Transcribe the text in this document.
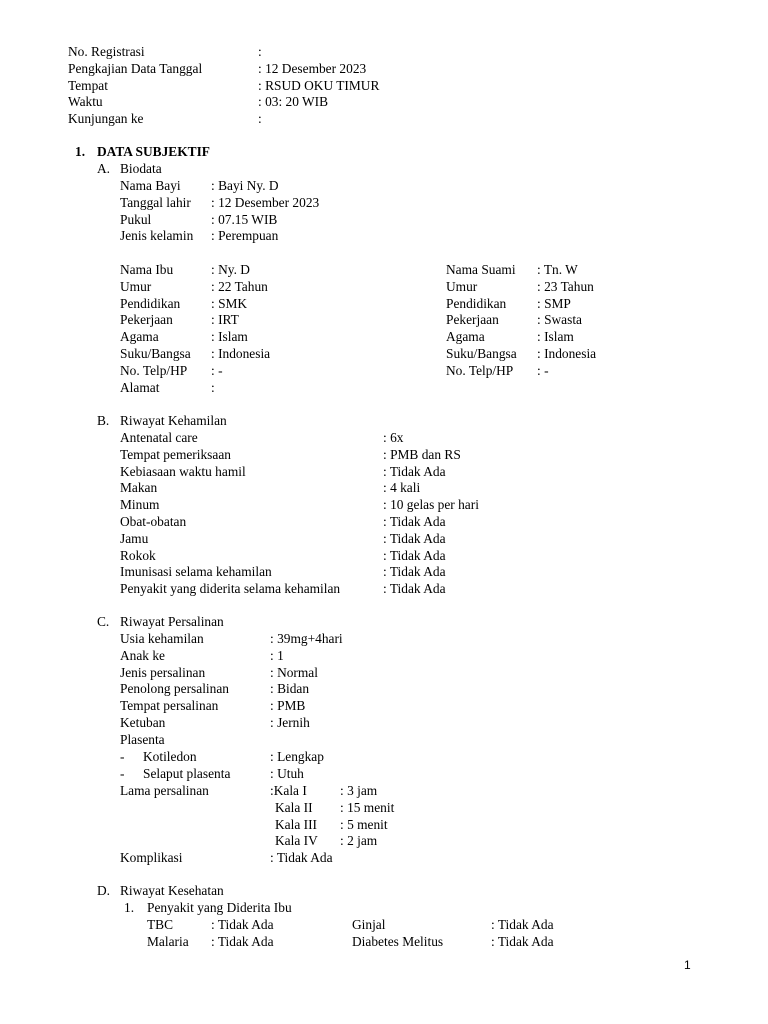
No. Registrasi	:
Pengkajian Data Tanggal	: 12 Desember 2023
Tempat	: RSUD OKU TIMUR
Waktu	: 03: 20 WIB
Kunjungan ke	:
1. DATA SUBJEKTIF
A. Biodata
Nama Bayi : Bayi Ny. D
Tanggal lahir : 12 Desember 2023
Pukul	: 07.15 WIB
Jenis kelamin : Perempuan
Nama Ibu	: Ny. D
Umur	: 22 Tahun
Pendidikan : SMK
Pekerjaan	: IRT
Agama	: Islam
Suku/Bangsa : Indonesia
No. Telp/HP : -
Alamat	:
Nama Suami : Tn. W
Umur	: 23 Tahun
Pendidikan : SMP
Pekerjaan	: Swasta
Agama	: Islam
Suku/Bangsa : Indonesia
No. Telp/HP : -
B. Riwayat Kehamilan
Antenatal care	: 6x
Tempat pemeriksaan	: PMB dan RS
Kebiasaan waktu hamil	: Tidak Ada
Makan	: 4 kali
Minum	: 10 gelas per hari
Obat-obatan	: Tidak Ada
Jamu	: Tidak Ada
Rokok	: Tidak Ada
Imunisasi selama kehamilan	: Tidak Ada
Penyakit yang diderita selama kehamilan	: Tidak Ada
C. Riwayat Persalinan
Usia kehamilan	: 39mg+4hari
Anak ke	: 1
Jenis persalinan	: Normal
Penolong persalinan	: Bidan
Tempat persalinan	: PMB
Ketuban	: Jernih
Plasenta
- Kotiledon	: Lengkap
- Selaput plasenta	: Utuh
Lama persalinan	:Kala I : 3 jam
Kala II : 15 menit
Kala III : 5 menit
Kala IV : 2 jam
Komplikasi	: Tidak Ada
D. Riwayat Kesehatan
1. Penyakit yang Diderita Ibu
TBC	: Tidak Ada	Ginjal	: Tidak Ada
Malaria : Tidak Ada	Diabetes Melitus	: Tidak Ada
1
